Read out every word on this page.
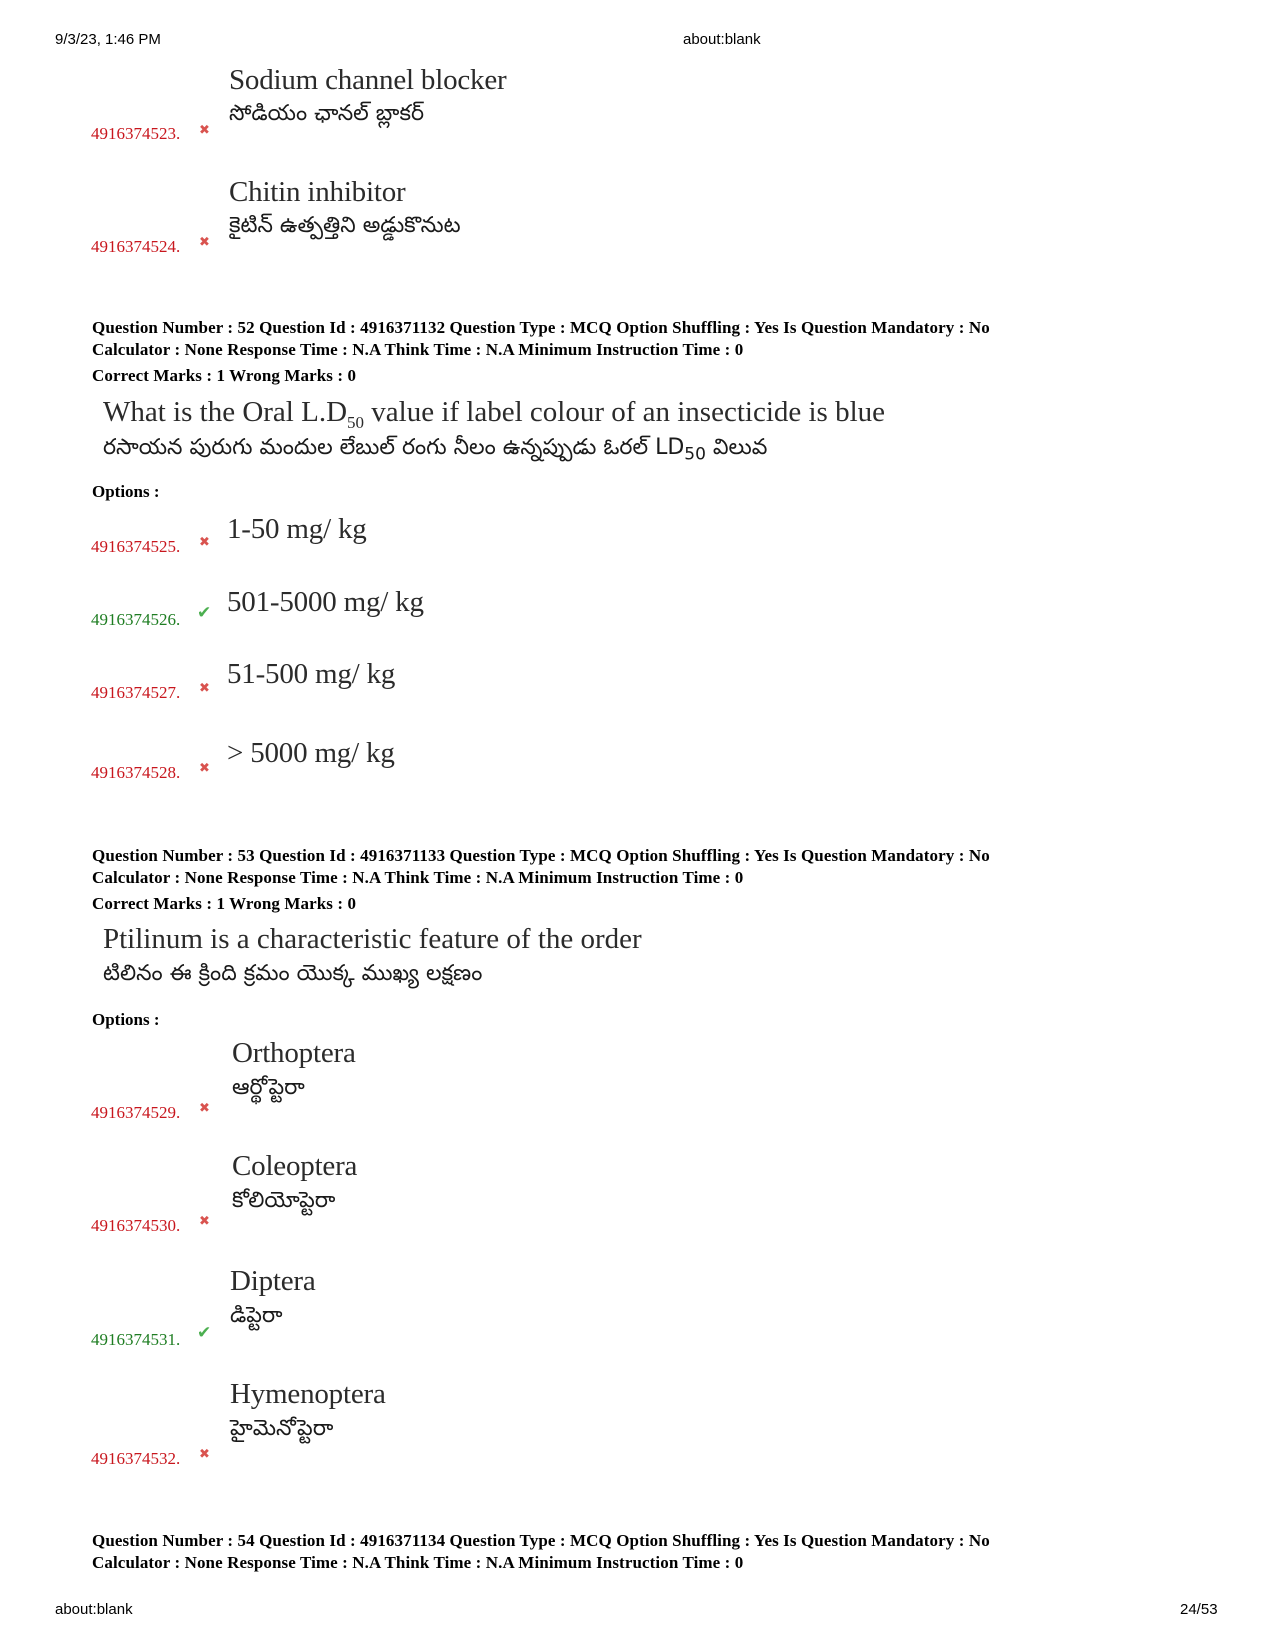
9/3/23, 1:46 PM	about:blank
Sodium channel blocker
సోడియం ఛానల్ బ్లాకర్
4916374523. ✖
Chitin inhibitor
కైటిన్ ఉత్పత్తిని అడ్డుకొనుట
4916374524. ✖
Question Number : 52 Question Id : 4916371132 Question Type : MCQ Option Shuffling : Yes Is Question Mandatory : No
Calculator : None Response Time : N.A Think Time : N.A Minimum Instruction Time : 0
Correct Marks : 1 Wrong Marks : 0
What is the Oral $L.D_{50}$ value if label colour of an insecticide is blue
రసాయన పురుగు మందుల లేబుల్ రంగు నీలం ఉన్నప్పుడు ఓరల్ $LD_{50}$ విలువ
Options :
1-50 mg/ kg
4916374525. ✖
501-5000 mg/ kg
4916374526. ✔
51-500 mg/ kg
4916374527. ✖
> 5000 mg/ kg
4916374528. ✖
Question Number : 53 Question Id : 4916371133 Question Type : MCQ Option Shuffling : Yes Is Question Mandatory : No
Calculator : None Response Time : N.A Think Time : N.A Minimum Instruction Time : 0
Correct Marks : 1 Wrong Marks : 0
Ptilinum is a characteristic feature of the order
టిలినం ఈ క్రింది క్రమం యొక్క ముఖ్య లక్షణం
Options :
Orthoptera
ఆర్థోప్టెరా
4916374529. ✖
Coleoptera
కోలియోప్టెరా
4916374530. ✖
Diptera
డిప్టెరా
4916374531. ✔
Hymenoptera
హైమెనోప్టెరా
4916374532. ✖
Question Number : 54 Question Id : 4916371134 Question Type : MCQ Option Shuffling : Yes Is Question Mandatory : No
Calculator : None Response Time : N.A Think Time : N.A Minimum Instruction Time : 0
about:blank	24/53
